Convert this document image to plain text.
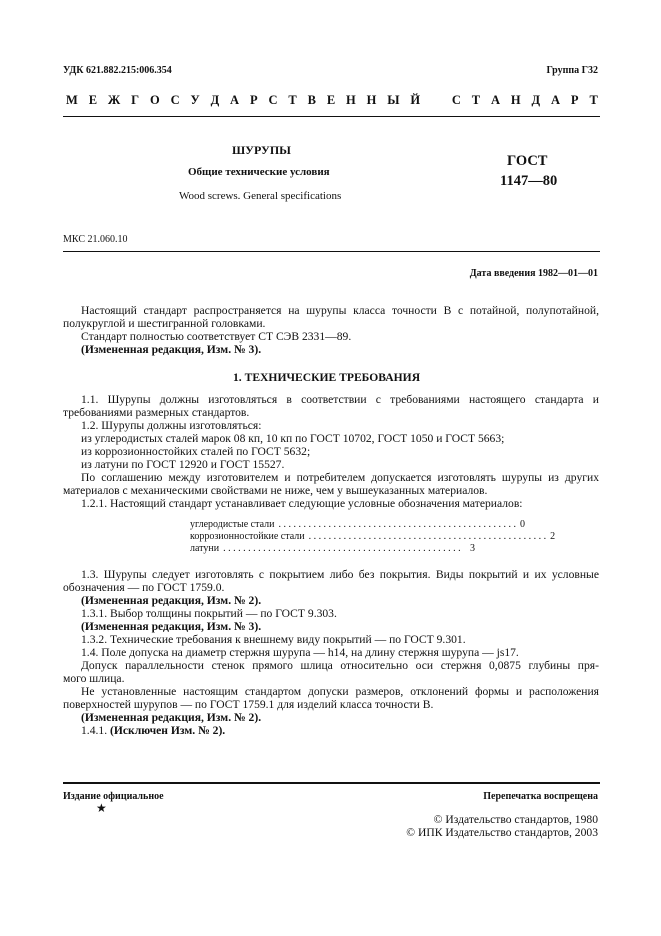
УДК 621.882.215:006.354	Группа Г32
М Е Ж Г О С У Д А Р С Т В Е Н Н Ы Й	С Т А Н Д А Р Т
ШУРУПЫ
Общие технические условия
Wood screws. General specifications
ГОСТ
1147—80
МКС 21.060.10
Дата введения 1982—01—01
Настоящий стандарт распространяется на шурупы класса точности В с потайной, полупотайной,
полукруглой и шестигранной головками.
Стандарт полностью соответствует СТ СЭВ 2331—89.
(Измененная редакция, Изм. № 3).
1. ТЕХНИЧЕСКИЕ ТРЕБОВАНИЯ
1.1. Шурупы должны изготовляться в соответствии с требованиями настоящего стандарта и
требованиями размерных стандартов.
1.2. Шурупы должны изготовляться:
из углеродистых сталей марок 08 кп, 10 кп по ГОСТ 10702, ГОСТ 1050 и ГОСТ 5663;
из коррозионностойких сталей по ГОСТ 5632;
из латуни по ГОСТ 12920 и ГОСТ 15527.
По соглашению между изготовителем и потребителем допускается изготовлять шурупы из других
материалов с механическими свойствами не ниже, чем у вышеуказанных материалов.
1.2.1. Настоящий стандарт устанавливает следующие условные обозначения материалов:
углеродистые стали . . . . . . . . . . . . . . . . . . . . . . . . . . . . . . . . . . . . . . . . . . . . . . . . 0
коррозионностойкие стали . . . . . . . . . . . . . . . . . . . . . . . . . . . . . . . . . . . . . . . . . . . . . . . . 2
латуни . . . . . . . . . . . . . . . . . . . . . . . . . . . . . . . . . . . . . . . . . . . . . . . . 3
1.3. Шурупы следует изготовлять с покрытием либо без покрытия. Виды покрытий и их условные
обозначения — по ГОСТ 1759.0.
(Измененная редакция, Изм. № 2).
1.3.1. Выбор толщины покрытий — по ГОСТ 9.303.
(Измененная редакция, Изм. № 3).
1.3.2. Технические требования к внешнему виду покрытий — по ГОСТ 9.301.
1.4. Поле допуска на диаметр стержня шурупа — h14, на длину стержня шурупа — js17.
Допуск параллельности стенок прямого шлица относительно оси стержня 0,0875 глубины пря-
мого шлица.
Не установленные настоящим стандартом допуски размеров, отклонений формы и расположения
поверхностей шурупов — по ГОСТ 1759.1 для изделий класса точности В.
(Измененная редакция, Изм. № 2).
1.4.1. (Исключен Изм. № 2).
Издание официальное
★
Перепечатка воспрещена
© Издательство стандартов, 1980
© ИПК Издательство стандартов, 2003
